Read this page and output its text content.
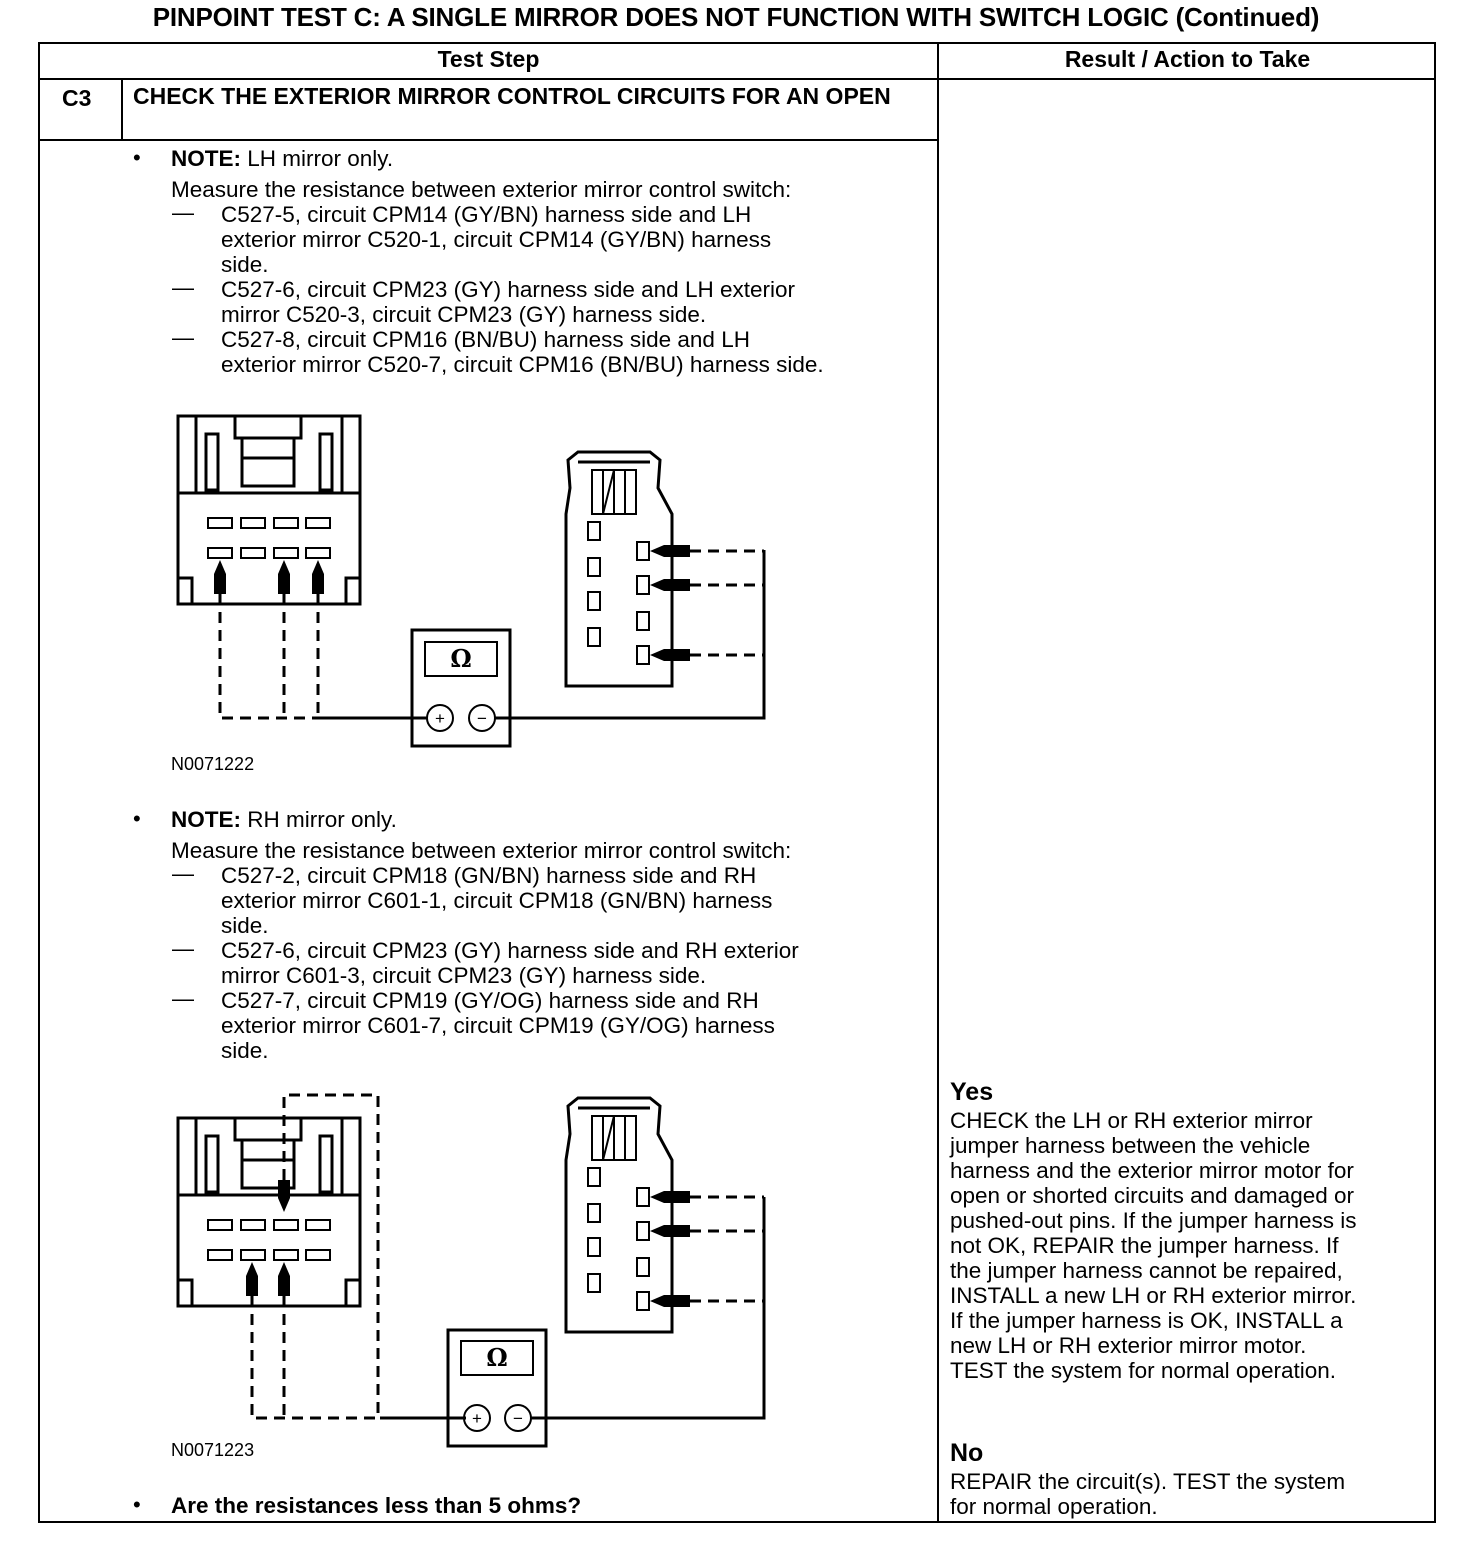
PINPOINT TEST C: A SINGLE MIRROR DOES NOT FUNCTION WITH SWITCH LOGIC (Continued)
Test Step	Result / Action to Take
C3 CHECK THE EXTERIOR MIRROR CONTROL CIRCUITS FOR AN OPEN
• NOTE: LH mirror only.
Measure the resistance between exterior mirror control switch:
— C527-5, circuit CPM14 (GY/BN) harness side and LH
exterior mirror C520-1, circuit CPM14 (GY/BN) harness
side.
— C527-6, circuit CPM23 (GY) harness side and LH exterior
mirror C520-3, circuit CPM23 (GY) harness side.
— C527-8, circuit CPM16 (BN/BU) harness side and LH
exterior mirror C520-7, circuit CPM16 (BN/BU) harness side.
Ω
+ −
N0071222
• NOTE: RH mirror only.
Measure the resistance between exterior mirror control switch:
— C527-2, circuit CPM18 (GN/BN) harness side and RH
exterior mirror C601-1, circuit CPM18 (GN/BN) harness
side.
— C527-6, circuit CPM23 (GY) harness side and RH exterior
mirror C601-3, circuit CPM23 (GY) harness side.
— C527-7, circuit CPM19 (GY/OG) harness side and RH
exterior mirror C601-7, circuit CPM19 (GY/OG) harness
side.
Ω
+ −
N0071223
• Are the resistances less than 5 ohms?
Yes
CHECK the LH or RH exterior mirror
jumper harness between the vehicle
harness and the exterior mirror motor for
open or shorted circuits and damaged or
pushed-out pins. If the jumper harness is
not OK, REPAIR the jumper harness. If
the jumper harness cannot be repaired,
INSTALL a new LH or RH exterior mirror.
If the jumper harness is OK, INSTALL a
new LH or RH exterior mirror motor.
TEST the system for normal operation.
No
REPAIR the circuit(s). TEST the system
for normal operation.
